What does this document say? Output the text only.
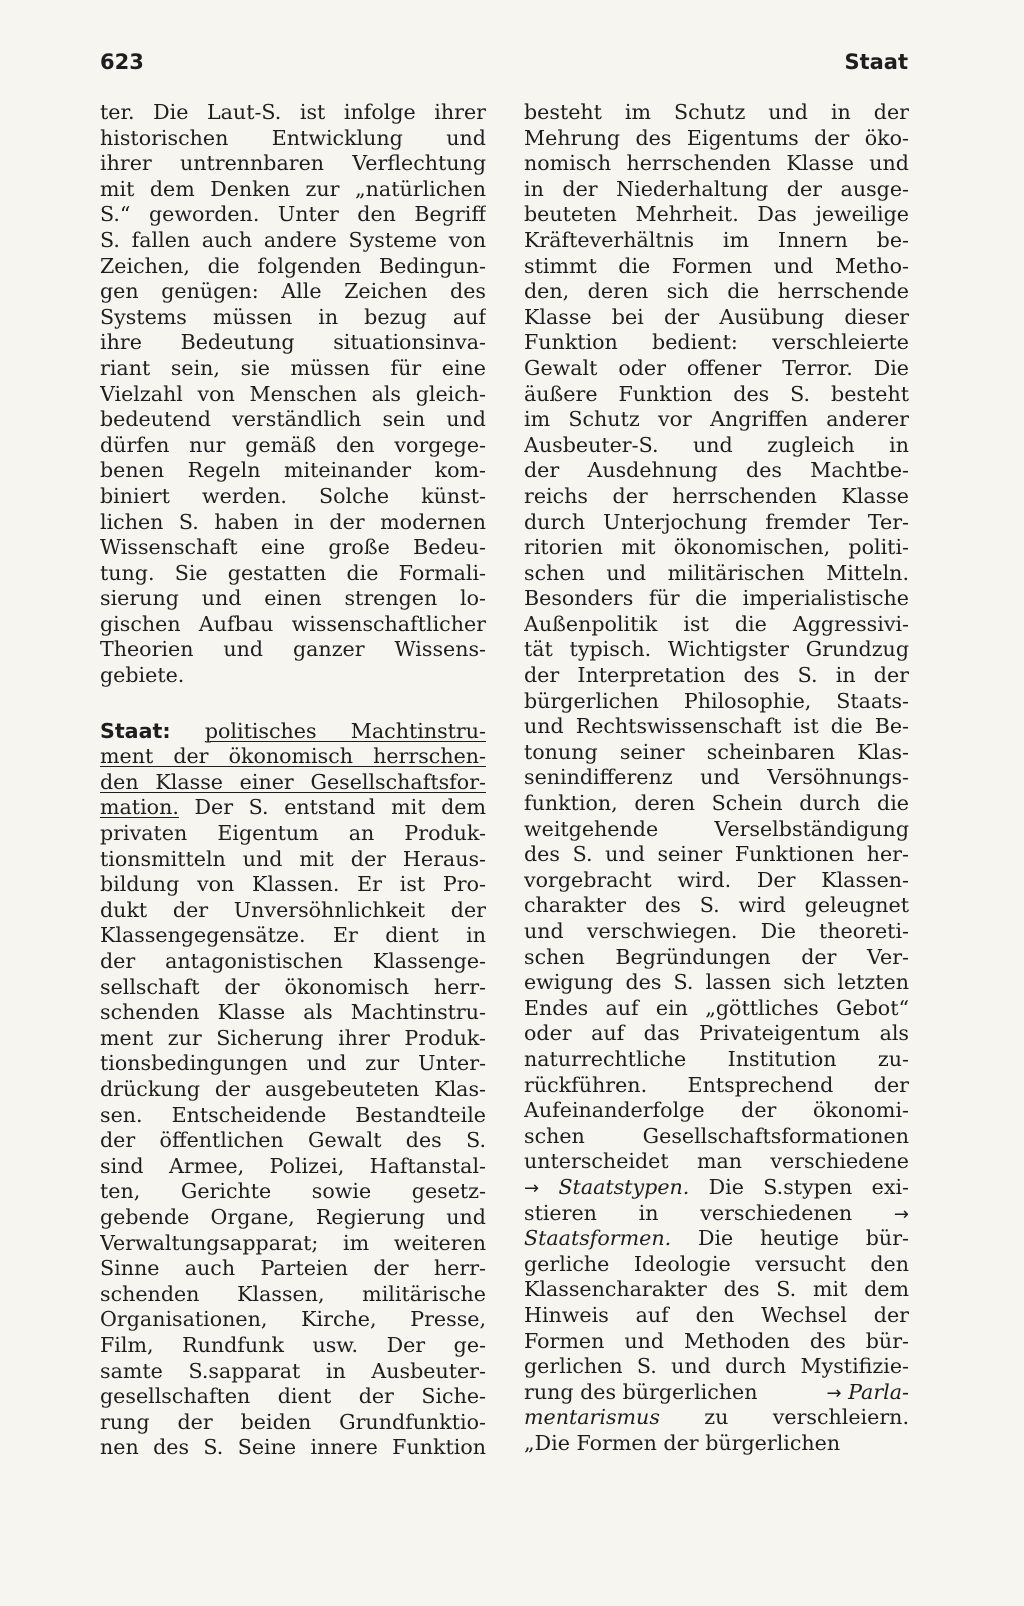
623	Staat
ter. Die Laut-S. ist infolge ihrer
historischen Entwicklung und
ihrer untrennbaren Verflechtung
mit dem Denken zur „natürlichen
S.“ geworden. Unter den Begriff
S. fallen auch andere Systeme von
Zeichen, die folgenden Bedingun-
gen genügen: Alle Zeichen des
Systems müssen in bezug auf
ihre Bedeutung situationsinva-
riant sein, sie müssen für eine
Vielzahl von Menschen als gleich-
bedeutend verständlich sein und
dürfen nur gemäß den vorgege-
benen Regeln miteinander kom-
biniert werden. Solche künst-
lichen S. haben in der modernen
Wissenschaft eine große Bedeu-
tung. Sie gestatten die Formali-
sierung und einen strengen lo-
gischen Aufbau wissenschaftlicher
Theorien und ganzer Wissens-
gebiete.
Staat: politisches Machtinstru-
ment der ökonomisch herrschen-
den Klasse einer Gesellschaftsfor-
mation. Der S. entstand mit dem
privaten Eigentum an Produk-
tionsmitteln und mit der Heraus-
bildung von Klassen. Er ist Pro-
dukt der Unversöhnlichkeit der
Klassengegensätze. Er dient in
der antagonistischen Klassenge-
sellschaft der ökonomisch herr-
schenden Klasse als Machtinstru-
ment zur Sicherung ihrer Produk-
tionsbedingungen und zur Unter-
drückung der ausgebeuteten Klas-
sen. Entscheidende Bestandteile
der öffentlichen Gewalt des S.
sind Armee, Polizei, Haftanstal-
ten, Gerichte sowie gesetz-
gebende Organe, Regierung und
Verwaltungsapparat; im weiteren
Sinne auch Parteien der herr-
schenden Klassen, militärische
Organisationen, Kirche, Presse,
Film, Rundfunk usw. Der ge-
samte S.sapparat in Ausbeuter-
gesellschaften dient der Siche-
rung der beiden Grundfunktio-
nen des S. Seine innere Funktion
besteht im Schutz und in der
Mehrung des Eigentums der öko-
nomisch herrschenden Klasse und
in der Niederhaltung der ausge-
beuteten Mehrheit. Das jeweilige
Kräfteverhältnis im Innern be-
stimmt die Formen und Metho-
den, deren sich die herrschende
Klasse bei der Ausübung dieser
Funktion bedient: verschleierte
Gewalt oder offener Terror. Die
äußere Funktion des S. besteht
im Schutz vor Angriffen anderer
Ausbeuter-S. und zugleich in
der Ausdehnung des Machtbe-
reichs der herrschenden Klasse
durch Unterjochung fremder Ter-
ritorien mit ökonomischen, politi-
schen und militärischen Mitteln.
Besonders für die imperialistische
Außenpolitik ist die Aggressivi-
tät typisch. Wichtigster Grundzug
der Interpretation des S. in der
bürgerlichen Philosophie, Staats-
und Rechtswissenschaft ist die Be-
tonung seiner scheinbaren Klas-
senindifferenz und Versöhnungs-
funktion, deren Schein durch die
weitgehende Verselbständigung
des S. und seiner Funktionen her-
vorgebracht wird. Der Klassen-
charakter des S. wird geleugnet
und verschwiegen. Die theoreti-
schen Begründungen der Ver-
ewigung des S. lassen sich letzten
Endes auf ein „göttliches Gebot“
oder auf das Privateigentum als
naturrechtliche Institution zu-
rückführen. Entsprechend der
Aufeinanderfolge der ökonomi-
schen Gesellschaftsformationen
unterscheidet man verschiedene
→ Staatstypen. Die S.stypen exi-
stieren in verschiedenen →
Staatsformen. Die heutige bür-
gerliche Ideologie versucht den
Klassencharakter des S. mit dem
Hinweis auf den Wechsel der
Formen und Methoden des bür-
gerlichen S. und durch Mystifizie-
rung des bürgerlichen	→ Parla-
mentarismus zu verschleiern.
„Die Formen der bürgerlichen
